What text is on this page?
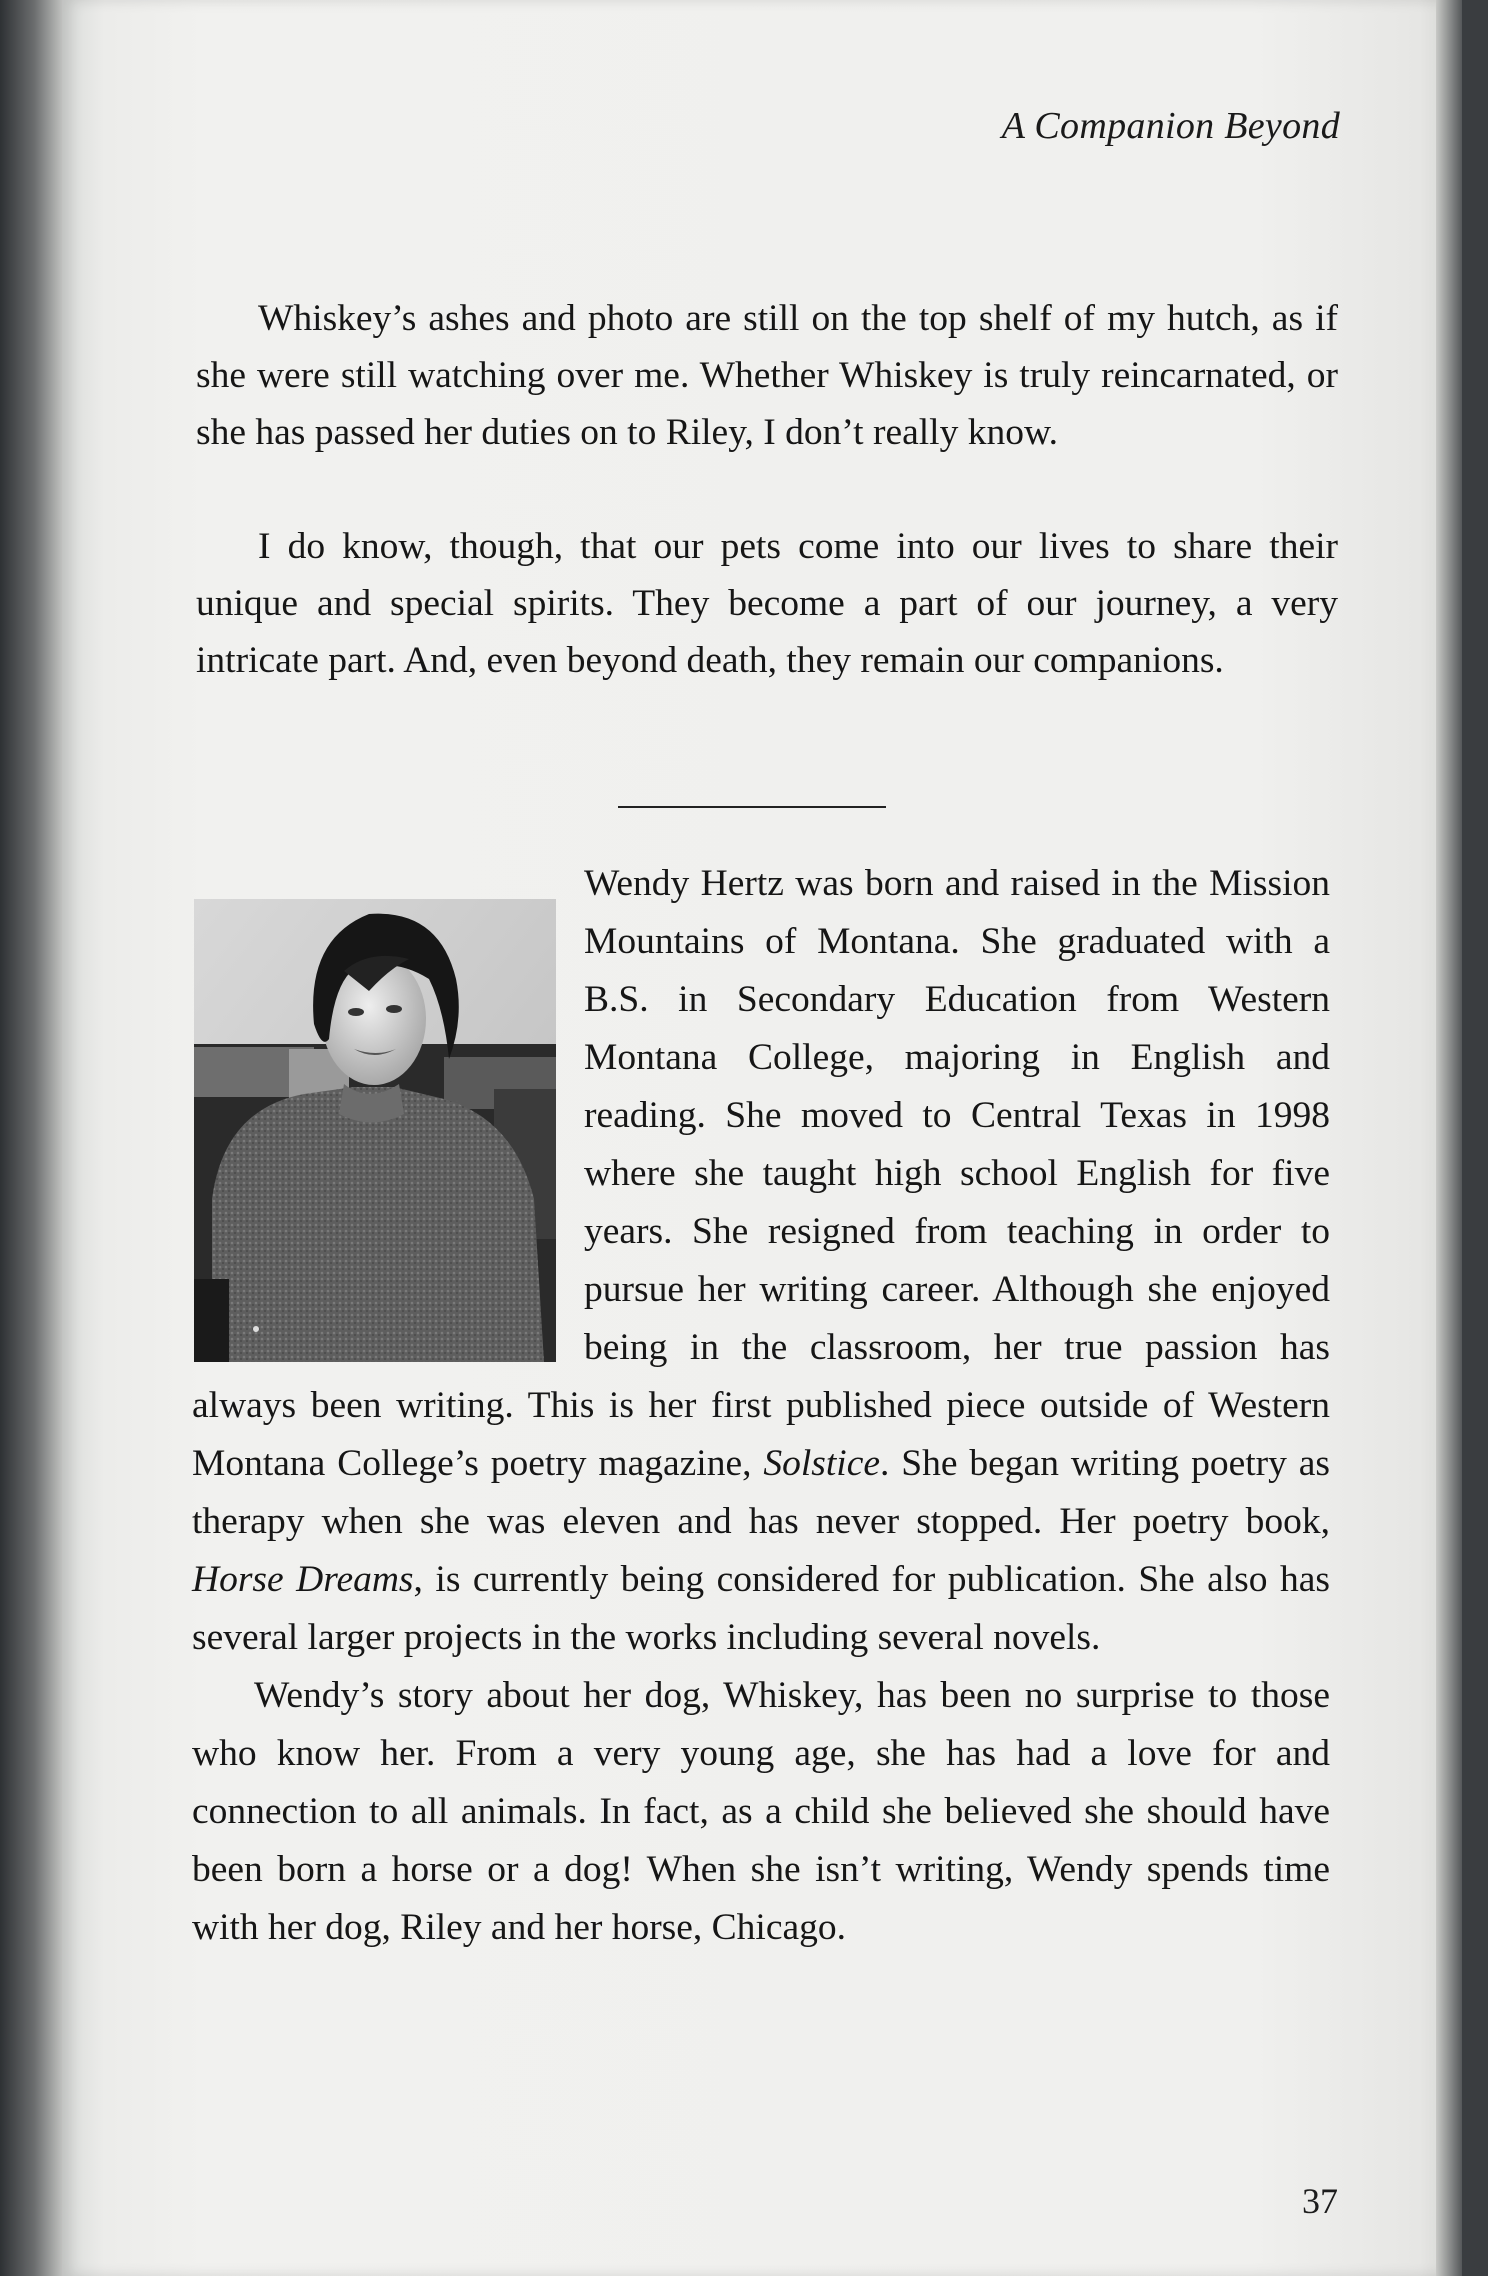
A Companion Beyond

Whiskey’s ashes and photo are still on the top shelf of my hutch, as if she were still watching over me. Whether Whiskey is truly reincarnated, or she has passed her duties on to Riley, I don’t really know.

I do know, though, that our pets come into our lives to share their unique and special spirits. They become a part of our journey, a very intricate part. And, even beyond death, they remain our companions.

Wendy Hertz was born and raised in the Mission Mountains of Montana. She graduated with a B.S. in Secondary Education from Western Montana College, majoring in English and reading. She moved to Central Texas in 1998 where she taught high school English for five years. She resigned from teaching in order to pursue her writing career. Although she enjoyed being in the classroom, her true passion has always been writing. This is her first published piece outside of Western Montana College’s poetry magazine, Solstice. She began writing poetry as therapy when she was eleven and has never stopped. Her poetry book, Horse Dreams, is currently being considered for publication. She also has several larger projects in the works including several novels.

Wendy’s story about her dog, Whiskey, has been no surprise to those who know her. From a very young age, she has had a love for and connection to all animals. In fact, as a child she believed she should have been born a horse or a dog! When she isn’t writing, Wendy spends time with her dog, Riley and her horse, Chicago.

37
